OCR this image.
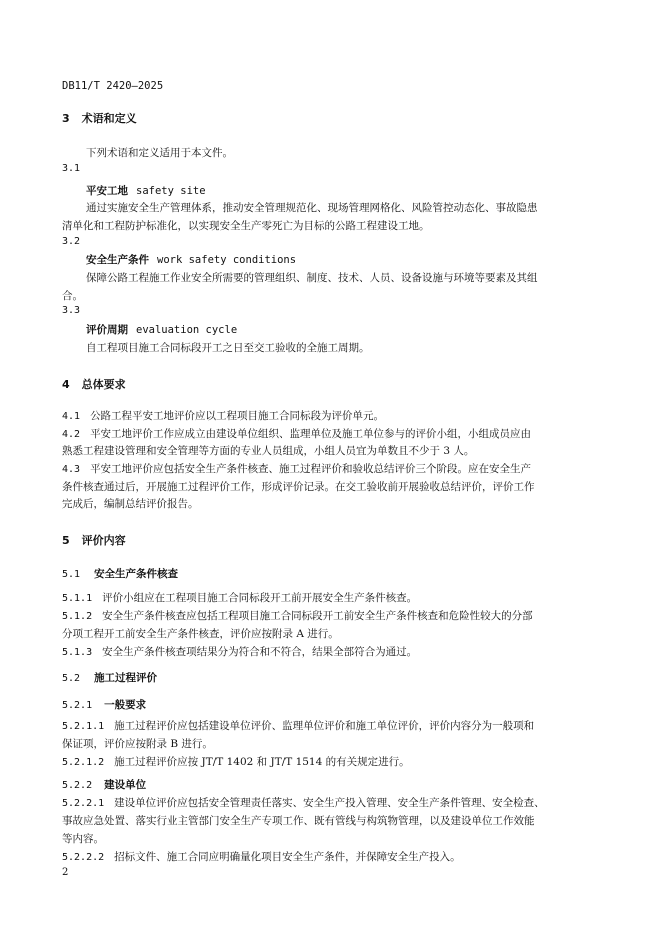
DB11/T 2420—2025
3 术语和定义
下列术语和定义适用于本文件。
3.1
平安工地 safety site
通过实施安全生产管理体系，推动安全管理规范化、现场管理网格化、风险管控动态化、事故隐患
清单化和工程防护标准化，以实现安全生产零死亡为目标的公路工程建设工地。
3.2
安全生产条件 work safety conditions
保障公路工程施工作业安全所需要的管理组织、制度、技术、人员、设备设施与环境等要素及其组
合。
3.3
评价周期 evaluation cycle
自工程项目施工合同标段开工之日至交工验收的全施工周期。
4 总体要求
4.1 公路工程平安工地评价应以工程项目施工合同标段为评价单元。
4.2 平安工地评价工作应成立由建设单位组织、监理单位及施工单位参与的评价小组，小组成员应由
熟悉工程建设管理和安全管理等方面的专业人员组成，小组人员宜为单数且不少于 3 人。
4.3 平安工地评价应包括安全生产条件核查、施工过程评价和验收总结评价三个阶段。应在安全生产
条件核查通过后，开展施工过程评价工作，形成评价记录。在交工验收前开展验收总结评价，评价工作
完成后，编制总结评价报告。
5 评价内容
5.1 安全生产条件核查
5.1.1 评价小组应在工程项目施工合同标段开工前开展安全生产条件核查。
5.1.2 安全生产条件核查应包括工程项目施工合同标段开工前安全生产条件核查和危险性较大的分部
分项工程开工前安全生产条件核查，评价应按附录 A 进行。
5.1.3 安全生产条件核查项结果分为符合和不符合，结果全部符合为通过。
5.2 施工过程评价
5.2.1 一般要求
5.2.1.1 施工过程评价应包括建设单位评价、监理单位评价和施工单位评价，评价内容分为一般项和
保证项，评价应按附录 B 进行。
5.2.1.2 施工过程评价应按 JT/T 1402 和 JT/T 1514 的有关规定进行。
5.2.2 建设单位
5.2.2.1 建设单位评价应包括安全管理责任落实、安全生产投入管理、安全生产条件管理、安全检查、
事故应急处置、落实行业主管部门安全生产专项工作、既有管线与构筑物管理，以及建设单位工作效能
等内容。
5.2.2.2 招标文件、施工合同应明确量化项目安全生产条件，并保障安全生产投入。
2
